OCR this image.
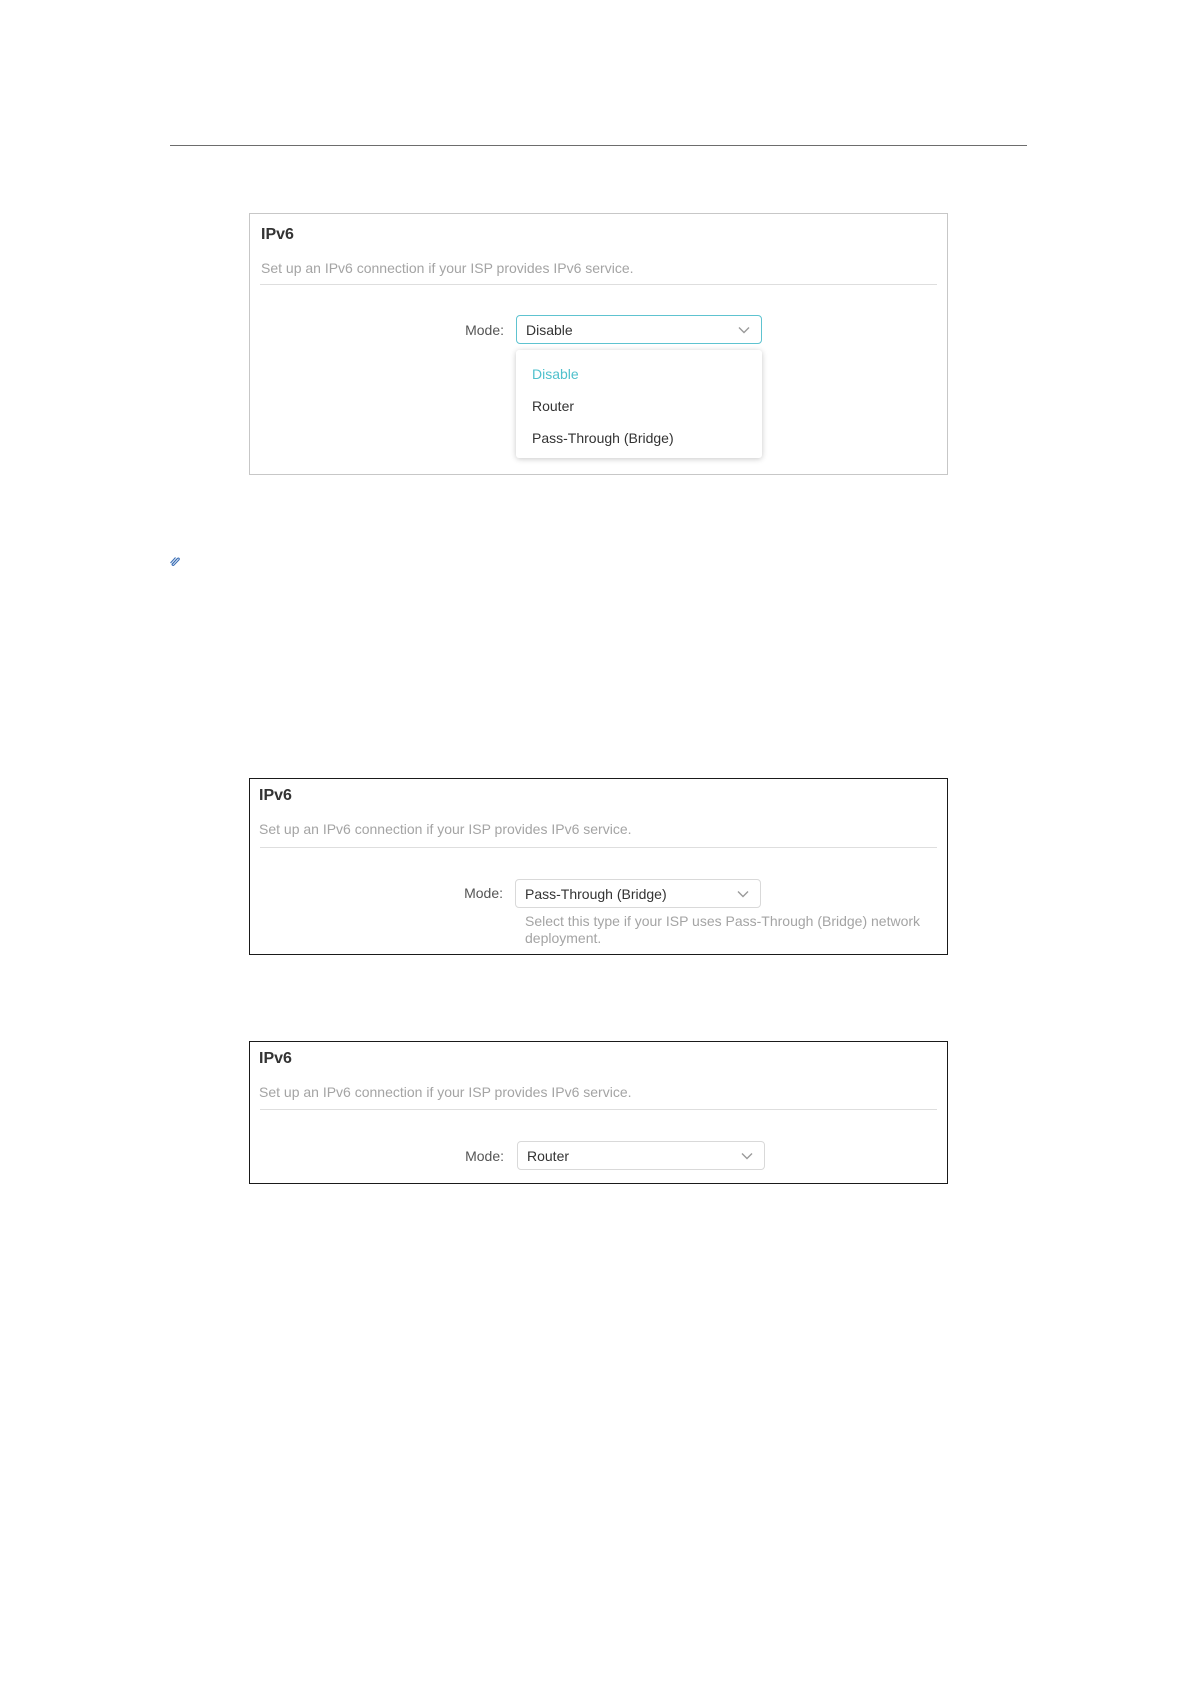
IPv6
Set up an IPv6 connection if your ISP provides IPv6 service.
Mode: Disable
Disable
Router
Pass-Through (Bridge)
IPv6
Set up an IPv6 connection if your ISP provides IPv6 service.
Mode: Pass-Through (Bridge)
Select this type if your ISP uses Pass-Through (Bridge) network deployment.
IPv6
Set up an IPv6 connection if your ISP provides IPv6 service.
Mode: Router
